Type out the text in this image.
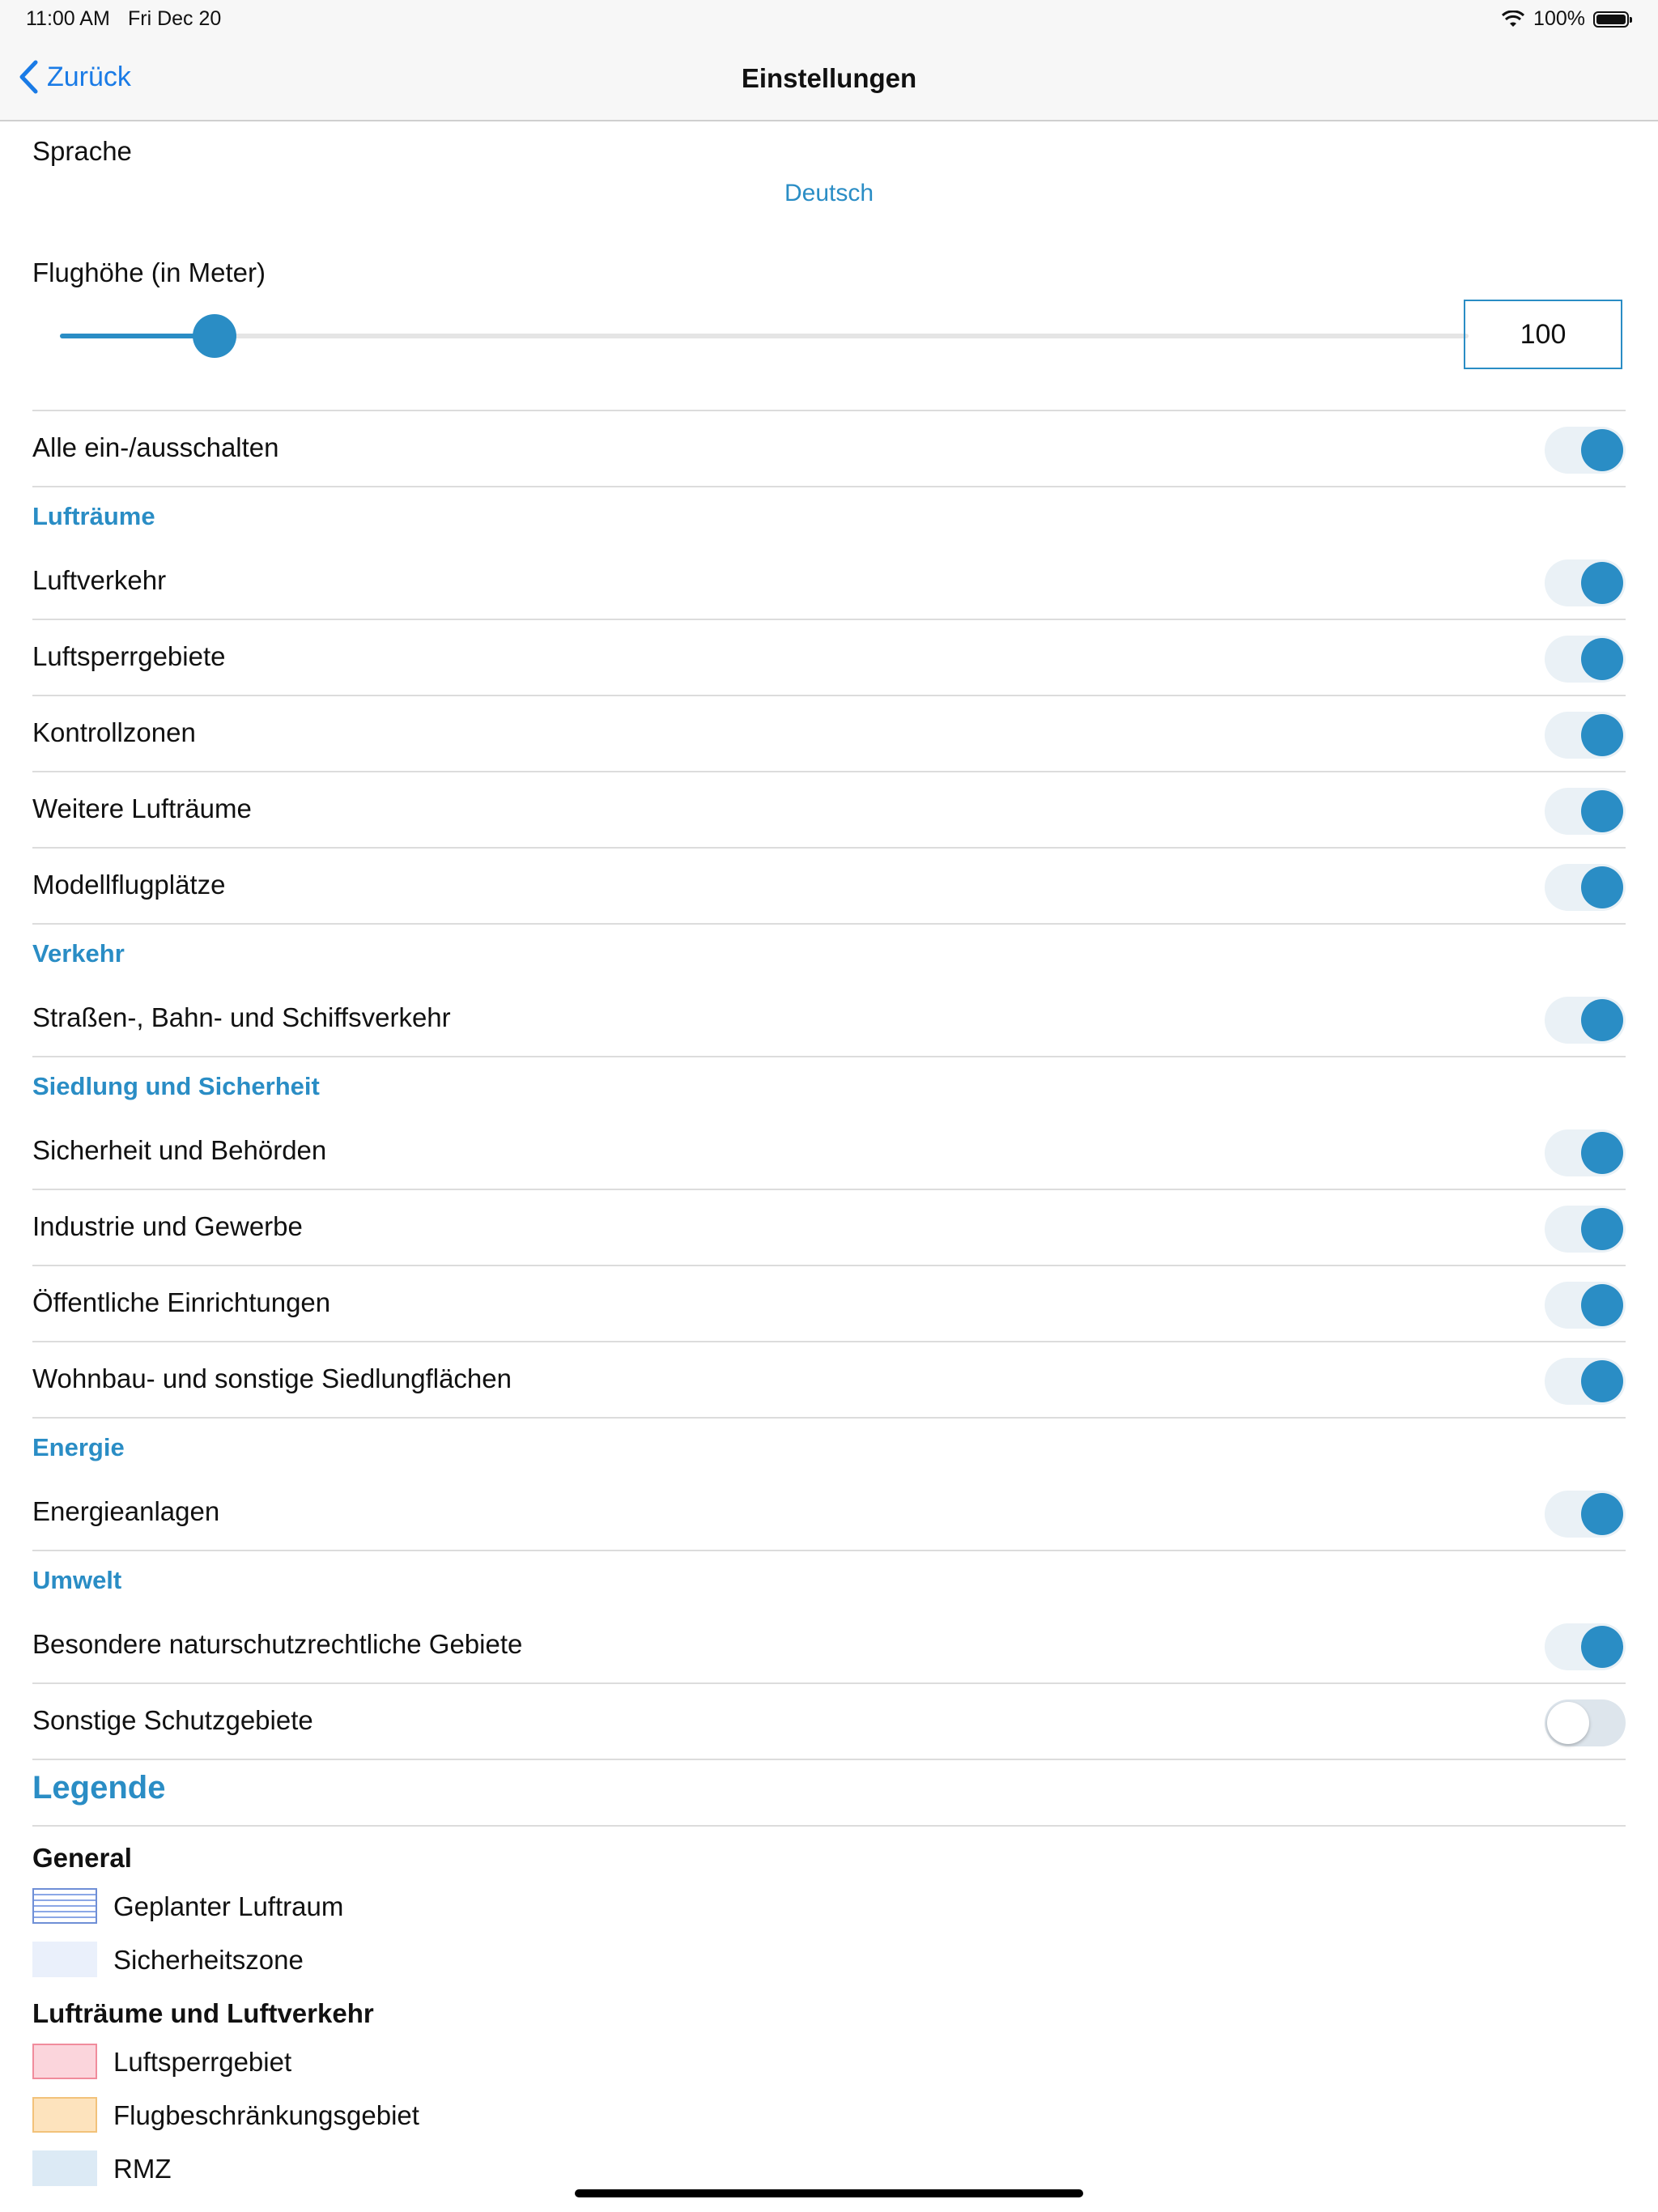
11:00 AM Fri Dec 20	100%
Zurück	Einstellungen
Sprache
Deutsch
Flughöhe (in Meter)
100
Alle ein-/ausschalten
Lufträume
Luftverkehr
Luftsperrgebiete
Kontrollzonen
Weitere Lufträume
Modellflugplätze
Verkehr
Straßen-, Bahn- und Schiffsverkehr
Siedlung und Sicherheit
Sicherheit und Behörden
Industrie und Gewerbe
Öffentliche Einrichtungen
Wohnbau- und sonstige Siedlungflächen
Energie
Energieanlagen
Umwelt
Besondere naturschutzrechtliche Gebiete
Sonstige Schutzgebiete
Legende
General
Geplanter Luftraum
Sicherheitszone
Lufträume und Luftverkehr
Luftsperrgebiet
Flugbeschränkungsgebiet
RMZ
